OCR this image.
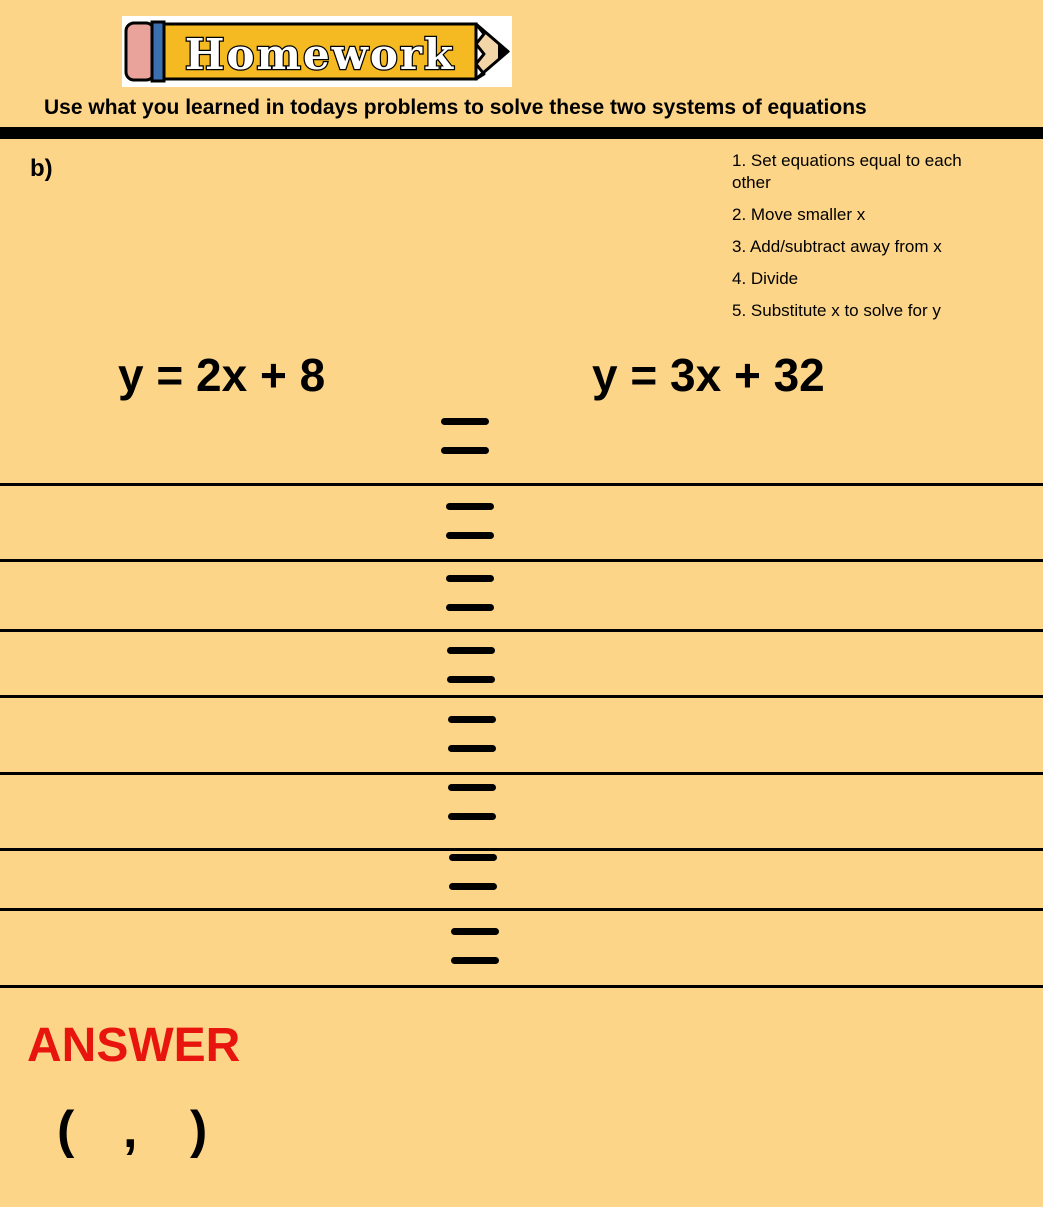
Homework
Use what you learned in todays problems to solve these two systems of equations
b)	1. Set equations equal to each other
2. Move smaller x
3. Add/subtract away from x
4. Divide
5. Substitute x to solve for y
y = 2x + 8	y = 3x + 32
ANSWER
( , )
